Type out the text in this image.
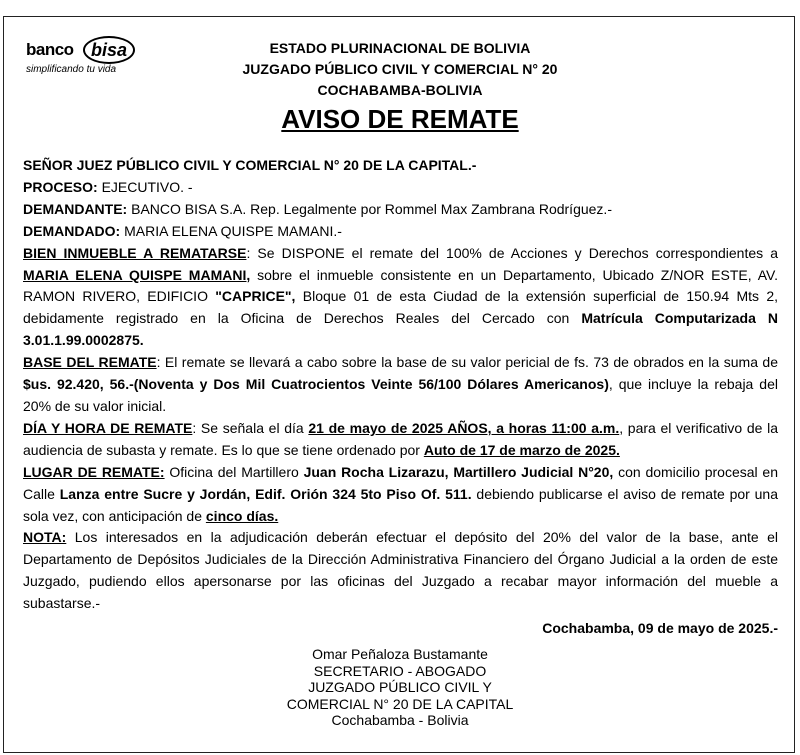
banco bisa
simplificando tu vida
ESTADO PLURINACIONAL DE BOLIVIA
JUZGADO PÚBLICO CIVIL Y COMERCIAL N° 20
COCHABAMBA-BOLIVIA
AVISO DE REMATE

SEÑOR JUEZ PÚBLICO CIVIL Y COMERCIAL N° 20 DE LA CAPITAL.-

PROCESO: EJECUTIVO. -

DEMANDANTE: BANCO BISA S.A. Rep. Legalmente por Rommel Max Zambrana Rodríguez.-

DEMANDADO: MARIA ELENA QUISPE MAMANI.-

BIEN INMUEBLE A REMATARSE: Se DISPONE el remate del 100% de Acciones y Derechos correspondientes a MARIA ELENA QUISPE MAMANI, sobre el inmueble consistente en un Departamento, Ubicado Z/NOR ESTE, AV. RAMON RIVERO, EDIFICIO "CAPRICE", Bloque 01 de esta Ciudad de la extensión superficial de 150.94 Mts 2, debidamente registrado en la Oficina de Derechos Reales del Cercado con Matrícula Computarizada N 3.01.1.99.0002875.

BASE DEL REMATE: El remate se llevará a cabo sobre la base de su valor pericial de fs. 73 de obrados en la suma de $us. 92.420, 56.-(Noventa y Dos Mil Cuatrocientos Veinte 56/100 Dólares Americanos), que incluye la rebaja del 20% de su valor inicial.

DÍA Y HORA DE REMATE: Se señala el día 21 de mayo de 2025 AÑOS, a horas 11:00 a.m., para el verificativo de la audiencia de subasta y remate. Es lo que se tiene ordenado por Auto de 17 de marzo de 2025.

LUGAR DE REMATE: Oficina del Martillero Juan Rocha Lizarazu, Martillero Judicial N°20, con domicilio procesal en Calle Lanza entre Sucre y Jordán, Edif. Orión 324 5to Piso Of. 511. debiendo publicarse el aviso de remate por una sola vez, con anticipación de cinco días.

NOTA: Los interesados en la adjudicación deberán efectuar el depósito del 20% del valor de la base, ante el Departamento de Depósitos Judiciales de la Dirección Administrativa Financiero del Órgano Judicial a la orden de este Juzgado, pudiendo ellos apersonarse por las oficinas del Juzgado a recabar mayor información del mueble a subastarse.-

Cochabamba, 09 de mayo de 2025.-
Omar Peñaloza Bustamante
SECRETARIO - ABOGADO
JUZGADO PÚBLICO CIVIL Y
COMERCIAL N° 20 DE LA CAPITAL
Cochabamba - Bolivia
